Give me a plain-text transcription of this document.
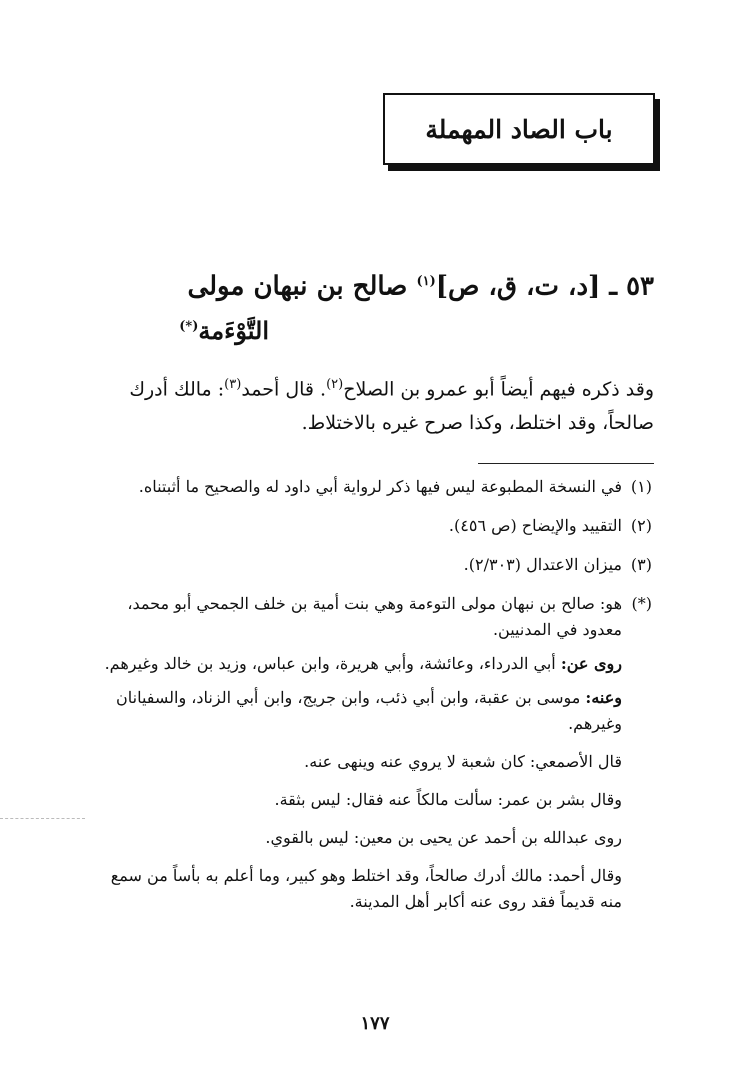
باب الصاد المهملة
٥٣ ـ [د، ت، ق، ص]$^{(١)}$ صالح بن نبهان مولى
التَّوْءَمة(*)
وقد ذكره فيهم أيضاً أبو عمرو بن الصلاح$^{(٢)}$. قال أحمد$^{(٣)}$: مالك أدرك صالحاً، وقد اختلط، وكذا صرح غيره بالاختلاط.
(١)
في النسخة المطبوعة ليس فيها ذكر لرواية أبي داود له والصحيح ما أثبتناه.
(٢)
التقييد والإيضاح (ص ٤٥٦).
(٣)
ميزان الاعتدال (٢/٣٠٣).
(*)
هو: صالح بن نبهان مولى التوءمة وهي بنت أمية بن خلف الجمحي أبو محمد، معدود في المدنيين.
روى عن: أبي الدرداء، وعائشة، وأبي هريرة، وابن عباس، وزيد بن خالد وغيرهم.
وعنه: موسى بن عقبة، وابن أبي ذئب، وابن جريج، وابن أبي الزناد، والسفيانان وغيرهم.
قال الأصمعي: كان شعبة لا يروي عنه وينهى عنه.
وقال بشر بن عمر: سألت مالكاً عنه فقال: ليس بثقة.
روى عبدالله بن أحمد عن يحيى بن معين: ليس بالقوي.
وقال أحمد: مالك أدرك صالحاً، وقد اختلط وهو كبير، وما أعلم به بأساً من سمع منه قديماً فقد روى عنه أكابر أهل المدينة.
١٧٧
